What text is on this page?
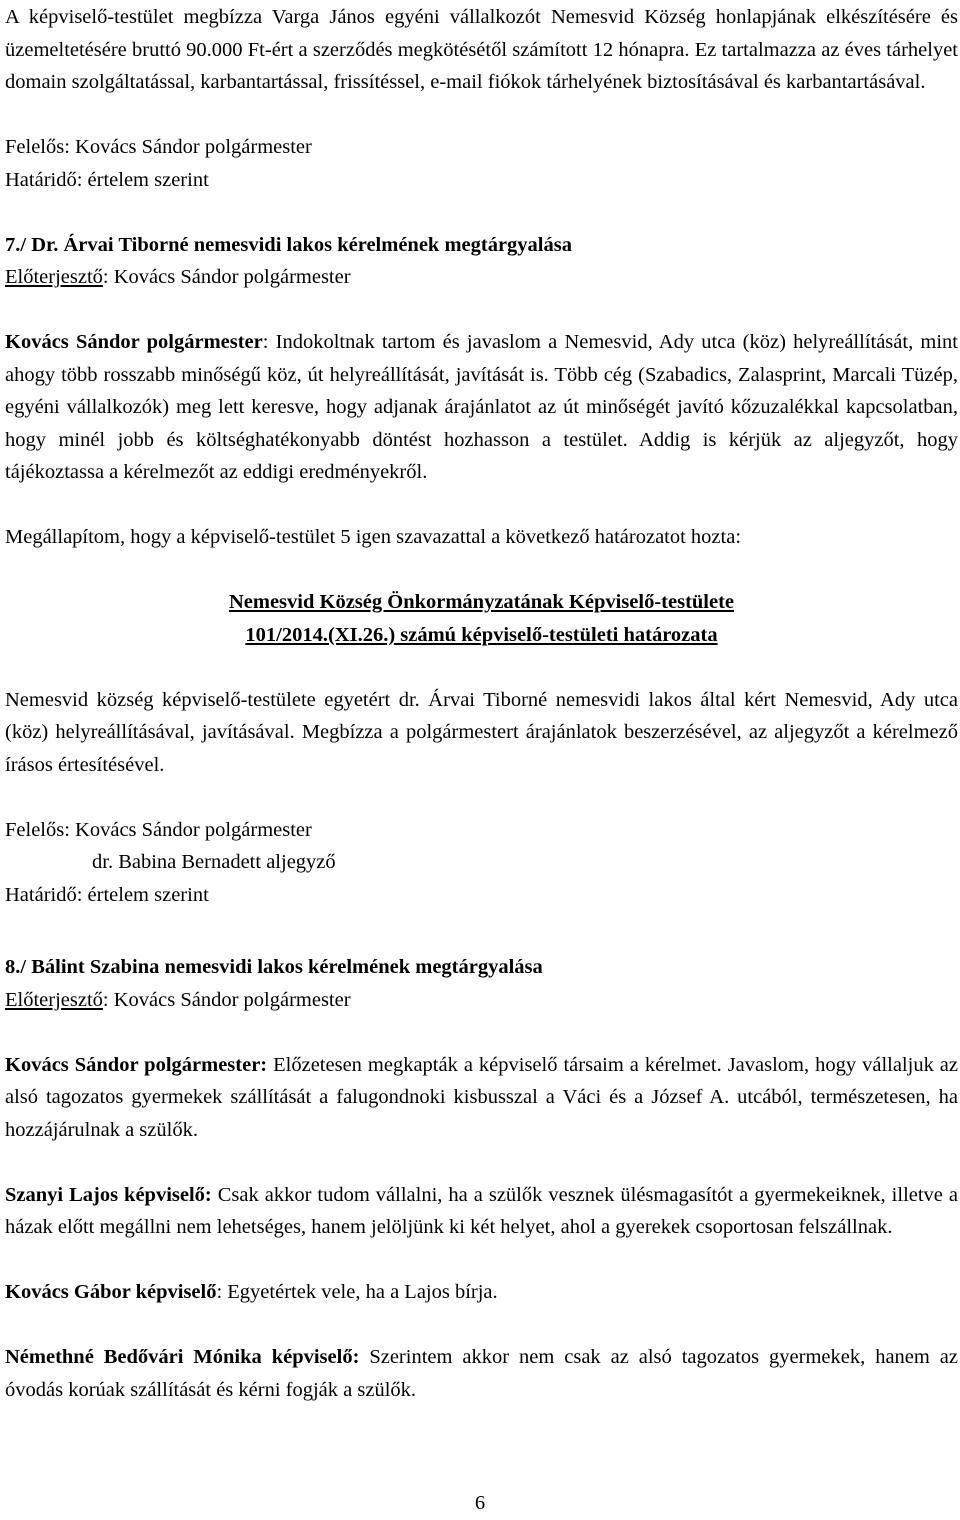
A képviselő-testület megbízza Varga János egyéni vállalkozót Nemesvid Község honlapjának elkészítésére és üzemeltetésére bruttó 90.000 Ft-ért a szerződés megkötésétől számított 12 hónapra. Ez tartalmazza az éves tárhelyet domain szolgáltatással, karbantartással, frissítéssel, e-mail fiókok tárhelyének biztosításával és karbantartásával.

Felelős: Kovács Sándor polgármester

Határidő: értelem szerint

7./ Dr. Árvai Tiborné nemesvidi lakos kérelmének megtárgyalása

Előterjesztő: Kovács Sándor polgármester

Kovács Sándor polgármester: Indokoltnak tartom és javaslom a Nemesvid, Ady utca (köz) helyreállítását, mint ahogy több rosszabb minőségű köz, út helyreállítását, javítását is. Több cég (Szabadics, Zalasprint, Marcali Tüzép, egyéni vállalkozók) meg lett keresve, hogy adjanak árajánlatot az út minőségét javító kőzuzalékkal kapcsolatban, hogy minél jobb és költséghatékonyabb döntést hozhasson a testület. Addig is kérjük az aljegyzőt, hogy tájékoztassa a kérelmezőt az eddigi eredményekről.

Megállapítom, hogy a képviselő-testület 5 igen szavazattal a következő határozatot hozta:

Nemesvid Község Önkormányzatának Képviselő-testülete

101/2014.(XI.26.) számú képviselő-testületi határozata

Nemesvid község képviselő-testülete egyetért dr. Árvai Tiborné nemesvidi lakos által kért Nemesvid, Ady utca (köz) helyreállításával, javításával. Megbízza a polgármestert árajánlatok beszerzésével, az aljegyzőt a kérelmező írásos értesítésével.

Felelős: Kovács Sándor polgármester

dr. Babina Bernadett aljegyző

Határidő: értelem szerint

8./ Bálint Szabina nemesvidi lakos kérelmének megtárgyalása

Előterjesztő: Kovács Sándor polgármester

Kovács Sándor polgármester: Előzetesen megkapták a képviselő társaim a kérelmet. Javaslom, hogy vállaljuk az alsó tagozatos gyermekek szállítását a falugondnoki kisbusszal a Váci és a József A. utcából, természetesen, ha hozzájárulnak a szülők.

Szanyi Lajos képviselő: Csak akkor tudom vállalni, ha a szülők vesznek ülésmagasítót a gyermekeiknek, illetve a házak előtt megállni nem lehetséges, hanem jelöljünk ki két helyet, ahol a gyerekek csoportosan felszállnak.

Kovács Gábor képviselő: Egyetértek vele, ha a Lajos bírja.

Némethné Bedővári Mónika képviselő: Szerintem akkor nem csak az alsó tagozatos gyermekek, hanem az óvodás korúak szállítását és kérni fogják a szülők.

6
